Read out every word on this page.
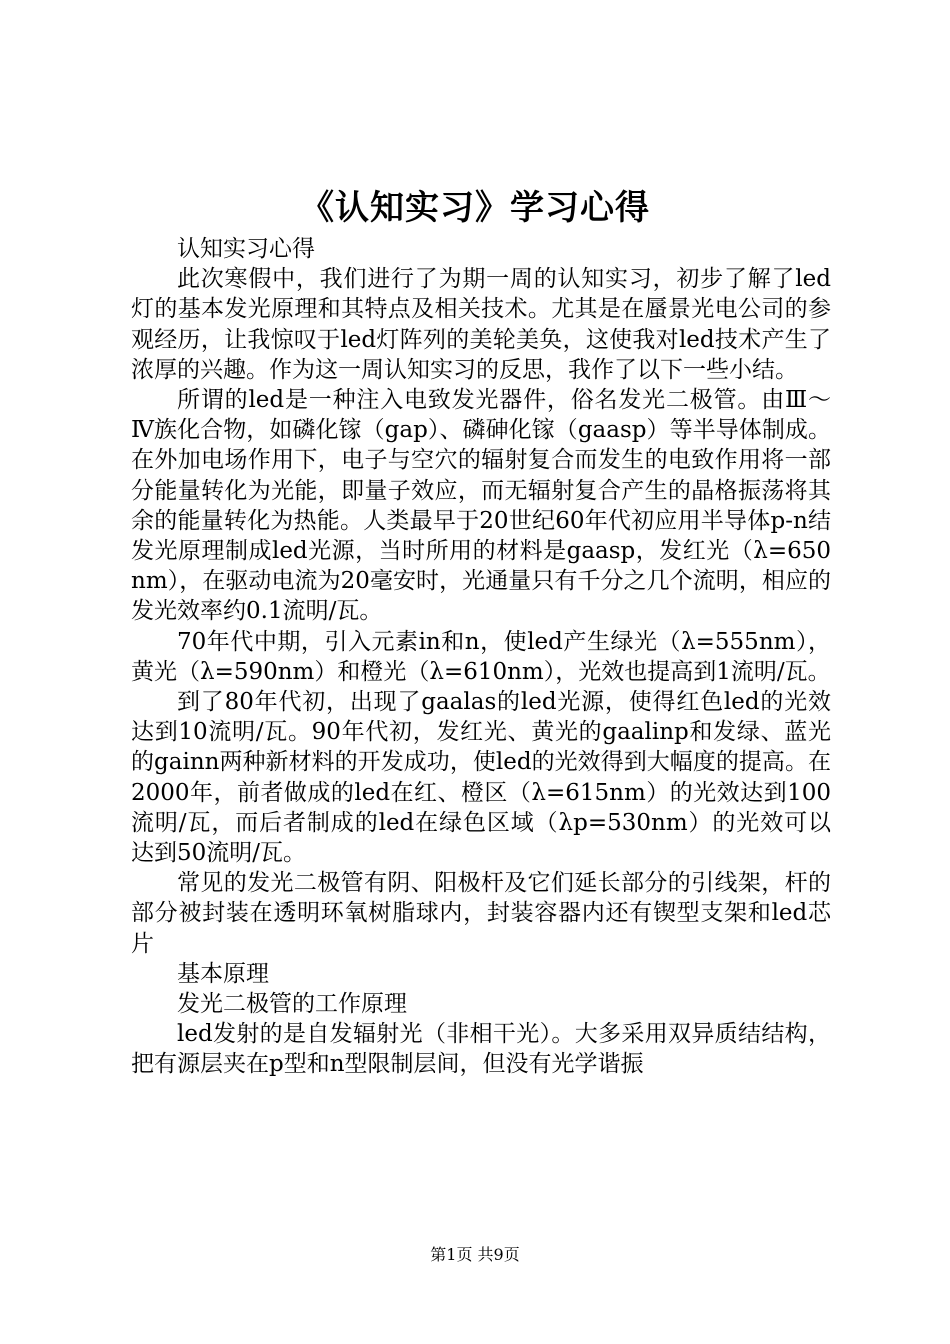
《认知实习》学习心得

认知实习心得

此次寒假中，我们进行了为期一周的认知实习，初步了解了led灯的基本发光原理和其特点及相关技术。尤其是在蜃景光电公司的参观经历，让我惊叹于led灯阵列的美轮美奂，这使我对led技术产生了浓厚的兴趣。作为这一周认知实习的反思，我作了以下一些小结。

所谓的led是一种注入电致发光器件，俗名发光二极管。由Ⅲ～Ⅳ族化合物，如磷化镓（gap）、磷砷化镓（gaasp）等半导体制成。在外加电场作用下，电子与空穴的辐射复合而发生的电致作用将一部分能量转化为光能，即量子效应，而无辐射复合产生的晶格振荡将其余的能量转化为热能。人类最早于20世纪60年代初应用半导体p-n结发光原理制成led光源，当时所用的材料是gaasp，发红光（λ=650nm），在驱动电流为20毫安时，光通量只有千分之几个流明，相应的发光效率约0.1流明/瓦。

70年代中期，引入元素in和n，使led产生绿光（λ=555nm），黄光（λ=590nm）和橙光（λ=610nm），光效也提高到1流明/瓦。

到了80年代初，出现了gaalas的led光源，使得红色led的光效达到10流明/瓦。90年代初，发红光、黄光的gaalinp和发绿、蓝光的gainn两种新材料的开发成功，使led的光效得到大幅度的提高。在2000年，前者做成的led在红、橙区（λ=615nm）的光效达到100流明/瓦，而后者制成的led在绿色区域（λp=530nm）的光效可以达到50流明/瓦。

常见的发光二极管有阴、阳极杆及它们延长部分的引线架，杆的部分被封装在透明环氧树脂球内，封装容器内还有锲型支架和led芯片

基本原理

发光二极管的工作原理

led发射的是自发辐射光（非相干光）。大多采用双异质结结构，把有源层夹在p型和n型限制层间，但没有光学谐振

第1页 共9页
